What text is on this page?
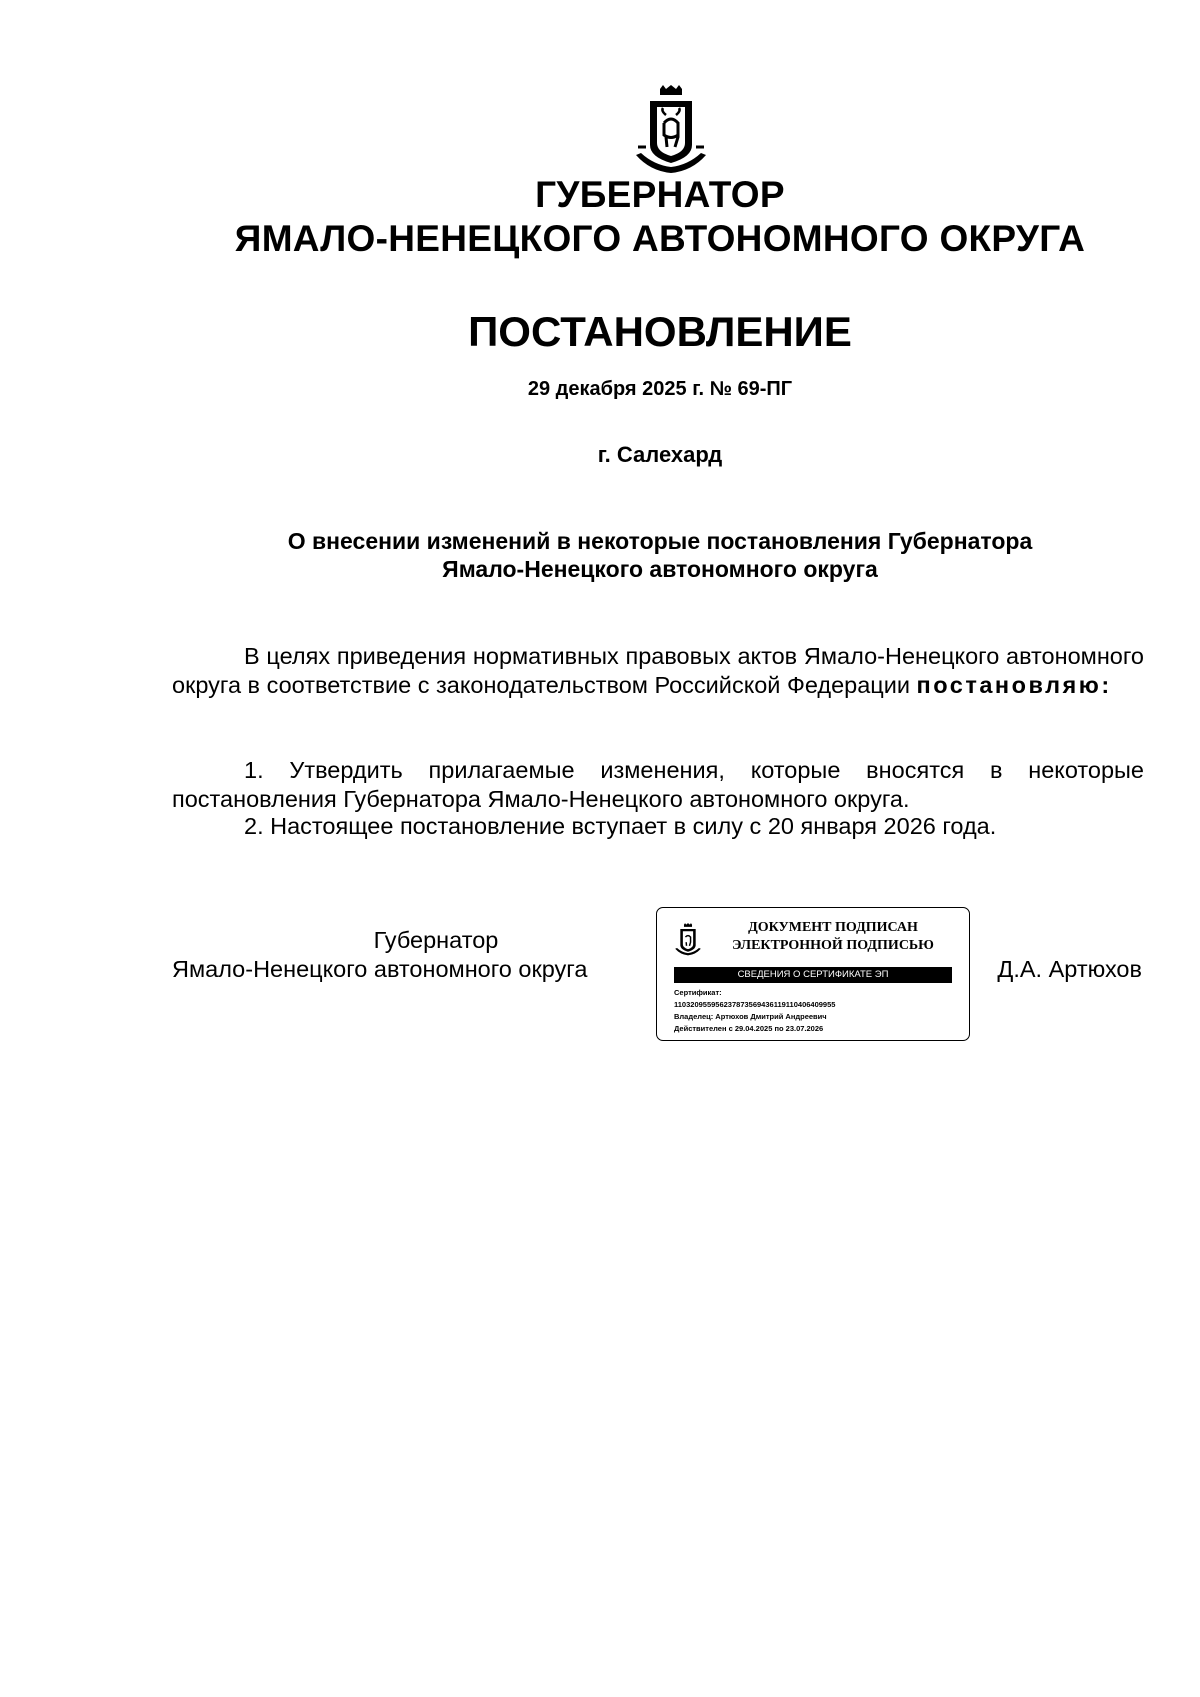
ГУБЕРНАТОР
ЯМАЛО-НЕНЕЦКОГО АВТОНОМНОГО ОКРУГА
ПОСТАНОВЛЕНИЕ
29 декабря 2025 г. № 69-ПГ
г. Салехард
О внесении изменений в некоторые постановления Губернатора
Ямало-Ненецкого автономного округа
В целях приведения нормативных правовых актов Ямало-Ненецкого автономного округа в соответствие с законодательством Российской Федерации постановляю:
1. Утвердить прилагаемые изменения, которые вносятся в некоторые постановления Губернатора Ямало-Ненецкого автономного округа.
2. Настоящее постановление вступает в силу с 20 января 2026 года.
Губернатор
Ямало-Ненецкого автономного округа	Д.А. Артюхов
ДОКУМЕНТ ПОДПИСАН
ЭЛЕКТРОННОЙ ПОДПИСЬЮ
СВЕДЕНИЯ О СЕРТИФИКАТЕ ЭП
Сертификат:
110320955956237873569436119110406409955
Владелец: Артюхов Дмитрий Андреевич
Действителен с 29.04.2025 по 23.07.2026
